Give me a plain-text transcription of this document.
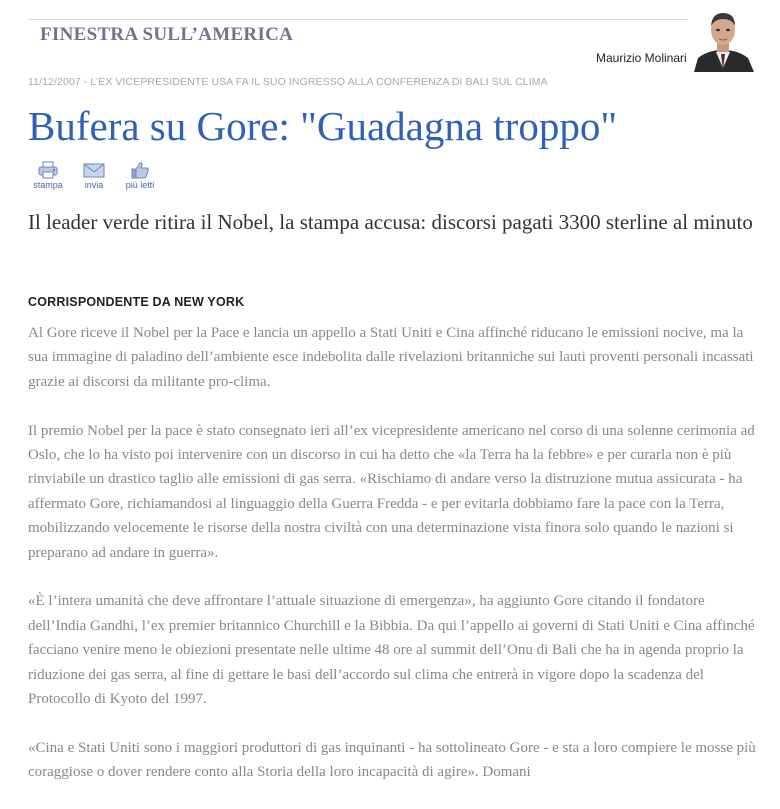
FINESTRA SULL’AMERICA
Maurizio Molinari
11/12/2007 - L’EX VICEPRESIDENTE USA FA IL SUO INGRESSO ALLA CONFERENZA DI BALI SUL CLIMA
Bufera su Gore: "Guadagna troppo"
stampa	invia	più letti
Il leader verde ritira il Nobel, la stampa accusa: discorsi pagati 3300 sterline al minuto
CORRISPONDENTE DA NEW YORK

Al Gore riceve il Nobel per la Pace e lancia un appello a Stati Uniti e Cina affinché riducano le emissioni nocive, ma la sua immagine di paladino dell’ambiente esce indebolita dalle rivelazioni britanniche sui lauti proventi personali incassati grazie ai discorsi da militante pro-clima.

Il premio Nobel per la pace è stato consegnato ieri all’ex vicepresidente americano nel corso di una solenne cerimonia ad Oslo, che lo ha visto poi intervenire con un discorso in cui ha detto che «la Terra ha la febbre» e per curarla non è più rinviabile un drastico taglio alle emissioni di gas serra. «Rischiamo di andare verso la distruzione mutua assicurata - ha affermato Gore, richiamandosi al linguaggio della Guerra Fredda - e per evitarla dobbiamo fare la pace con la Terra, mobilizzando velocemente le risorse della nostra civiltà con una determinazione vista finora solo quando le nazioni si preparano ad andare in guerra».

«È l’intera umanità che deve affrontare l’attuale situazione di emergenza», ha aggiunto Gore citando il fondatore dell’India Gandhi, l’ex premier britannico Churchill e la Bibbia. Da qui l’appello ai governi di Stati Uniti e Cina affinché facciano venire meno le obiezioni presentate nelle ultime 48 ore al summit dell’Onu di Bali che ha in agenda proprio la riduzione dei gas serra, al fine di gettare le basi dell’accordo sul clima che entrerà in vigore dopo la scadenza del Protocollo di Kyoto del 1997.

«Cina e Stati Uniti sono i maggiori produttori di gas inquinanti - ha sottolineato Gore - e sta a loro compiere le mosse più coraggiose o dover rendere conto alla Storia della loro incapacità di agire». Domani
